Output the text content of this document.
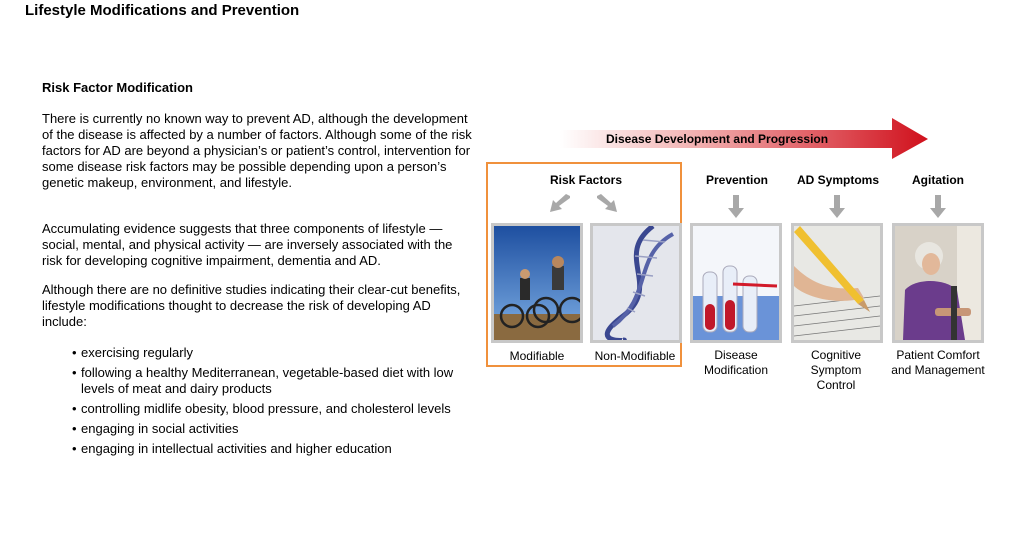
Lifestyle Modifications and Prevention
Risk Factor Modification

There is currently no known way to prevent AD, although the development of the disease is affected by a number of factors. Although some of the risk factors for AD are beyond a physician’s or patient’s control, intervention for some disease risk factors may be possible depending upon a person’s genetic makeup, environment, and lifestyle.

Accumulating evidence suggests that three components of lifestyle — social, mental, and physical activity — are inversely associated with the risk for developing cognitive impairment, dementia and AD.

Although there are no definitive studies indicating their clear-cut benefits, lifestyle modifications thought to decrease the risk of developing AD include:

• exercising regularly
• following a healthy Mediterranean, vegetable-based diet with low levels of meat and dairy products
• controlling midlife obesity, blood pressure, and cholesterol levels
• engaging in social activities
• engaging in intellectual activities and higher education
Disease Development and Progression
Risk Factors	Prevention	AD Symptoms	Agitation
Modifiable	Non-Modifiable	Disease
Modification
Cognitive
Symptom
Control
Patient Comfort
and Management
